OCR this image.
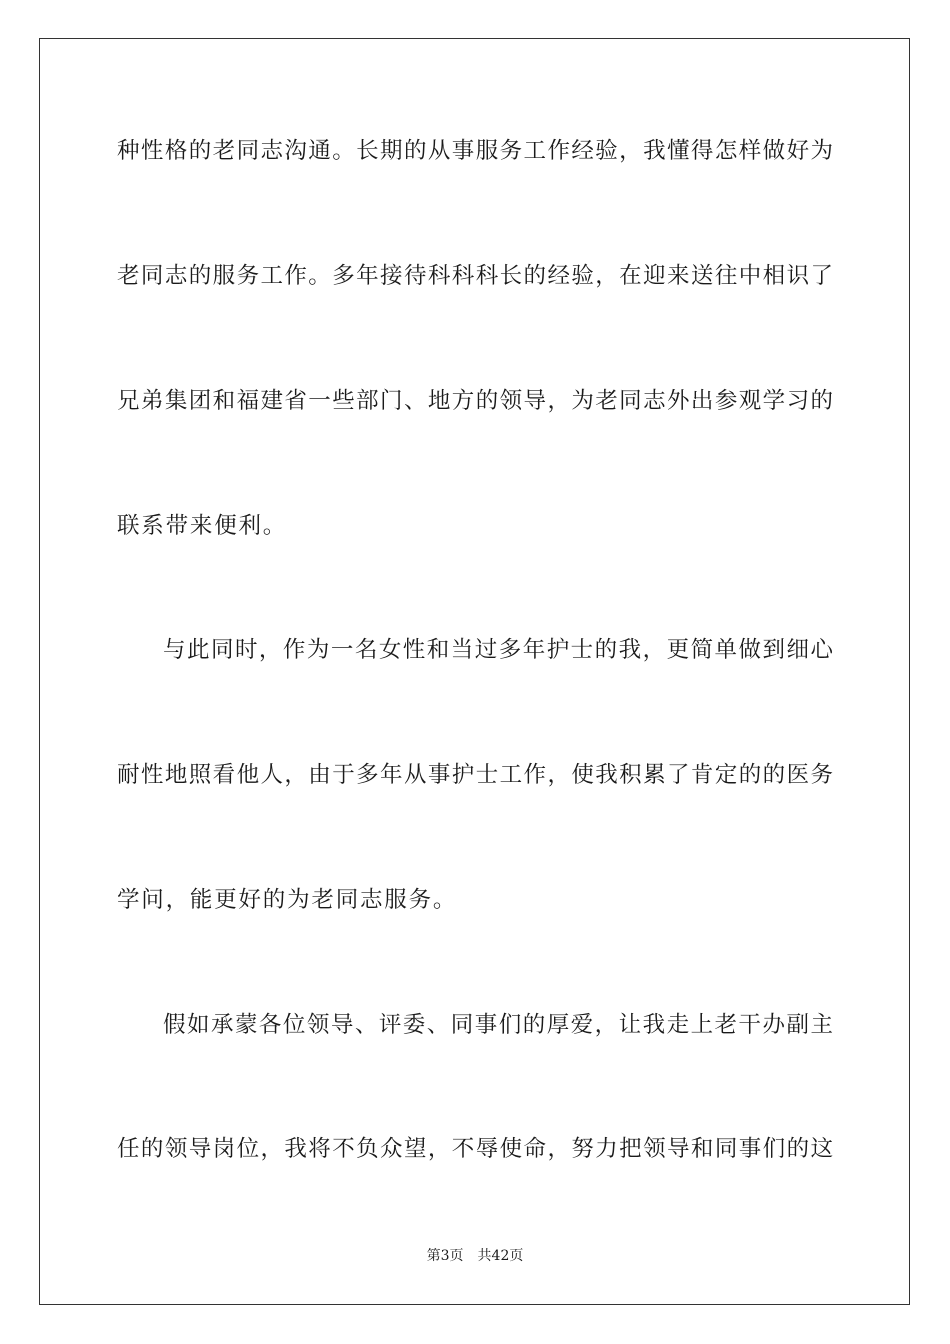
种性格的老同志沟通。长期的从事服务工作经验，我懂得怎样做好为
老同志的服务工作。多年接待科科科长的经验，在迎来送往中相识了
兄弟集团和福建省一些部门、地方的领导，为老同志外出参观学习的
联系带来便利。
与此同时，作为一名女性和当过多年护士的我，更简单做到细心
耐性地照看他人，由于多年从事护士工作，使我积累了肯定的的医务
学问，能更好的为老同志服务。
假如承蒙各位领导、评委、同事们的厚爱，让我走上老干办副主
任的领导岗位，我将不负众望，不辱使命，努力把领导和同事们的这
第3页 共42页
